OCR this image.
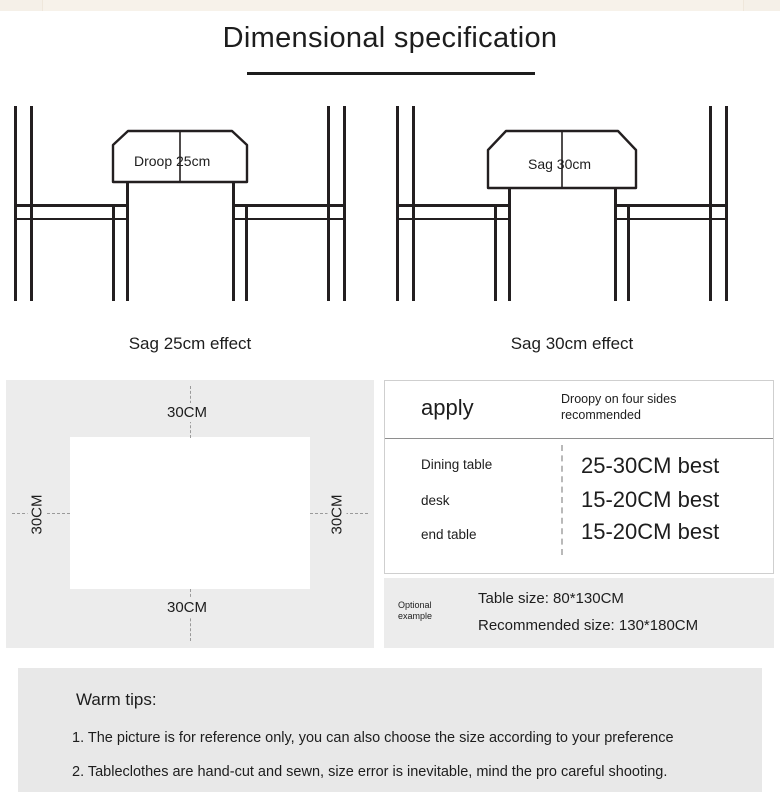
Dimensional specification
Droop 25cm
Sag 25cm effect
Sag 30cm
Sag 30cm effect
30CM
30CM
30CM	30CM
apply	Droopy on four sides recommended
Dining table	25-30CM best
desk	15-20CM best
end table	15-20CM best
Optional example
Table size: 80*130CM
Recommended size: 130*180CM
Warm tips:
1. The picture is for reference only, you can also choose the size according to your preference
2. Tableclothes are hand-cut and sewn, size error is inevitable, mind the pro careful shooting.
